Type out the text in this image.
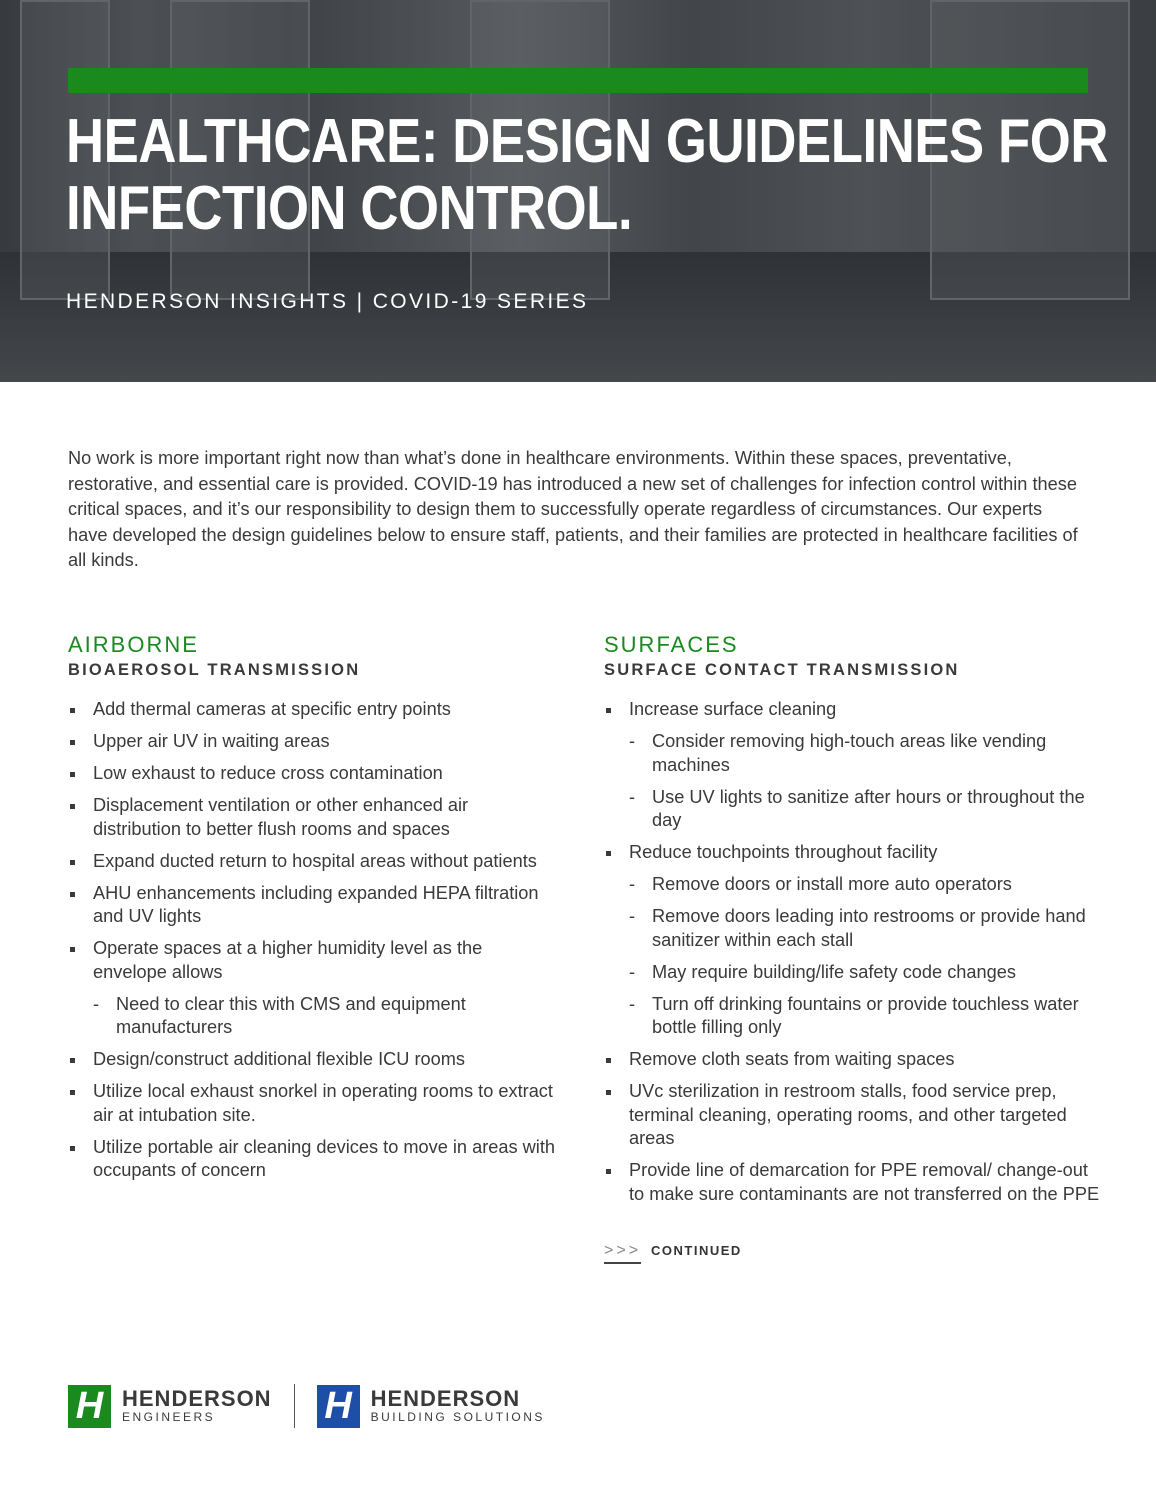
HEALTHCARE: DESIGN GUIDELINES FOR INFECTION CONTROL.
HENDERSON INSIGHTS | COVID-19 SERIES

No work is more important right now than what’s done in healthcare environments. Within these spaces, preventative, restorative, and essential care is provided. COVID-19 has introduced a new set of challenges for infection control within these critical spaces, and it’s our responsibility to design them to successfully operate regardless of circumstances. Our experts have developed the design guidelines below to ensure staff, patients, and their families are protected in healthcare facilities of all kinds.

AIRBORNE
BIOAEROSOL TRANSMISSION
Add thermal cameras at specific entry points
Upper air UV in waiting areas
Low exhaust to reduce cross contamination
Displacement ventilation or other enhanced air distribution to better flush rooms and spaces
Expand ducted return to hospital areas without patients
AHU enhancements including expanded HEPA filtration and UV lights
Operate spaces at a higher humidity level as the envelope allows
- Need to clear this with CMS and equipment manufacturers
Design/construct additional flexible ICU rooms
Utilize local exhaust snorkel in operating rooms to extract air at intubation site.
Utilize portable air cleaning devices to move in areas with occupants of concern
SURFACES
SURFACE CONTACT TRANSMISSION
Increase surface cleaning
- Consider removing high-touch areas like vending machines
- Use UV lights to sanitize after hours or throughout the day
Reduce touchpoints throughout facility
- Remove doors or install more auto operators
- Remove doors leading into restrooms or provide hand sanitizer within each stall
- May require building/life safety code changes
- Turn off drinking fountains or provide touchless water bottle filling only
Remove cloth seats from waiting spaces
UVc sterilization in restroom stalls, food service prep, terminal cleaning, operating rooms, and other targeted areas
Provide line of demarcation for PPE removal/ change-out to make sure contaminants are not transferred on the PPE
>>> CONTINUED
H HENDERSON
ENGINEERS	H HENDERSON
BUILDING SOLUTIONS
